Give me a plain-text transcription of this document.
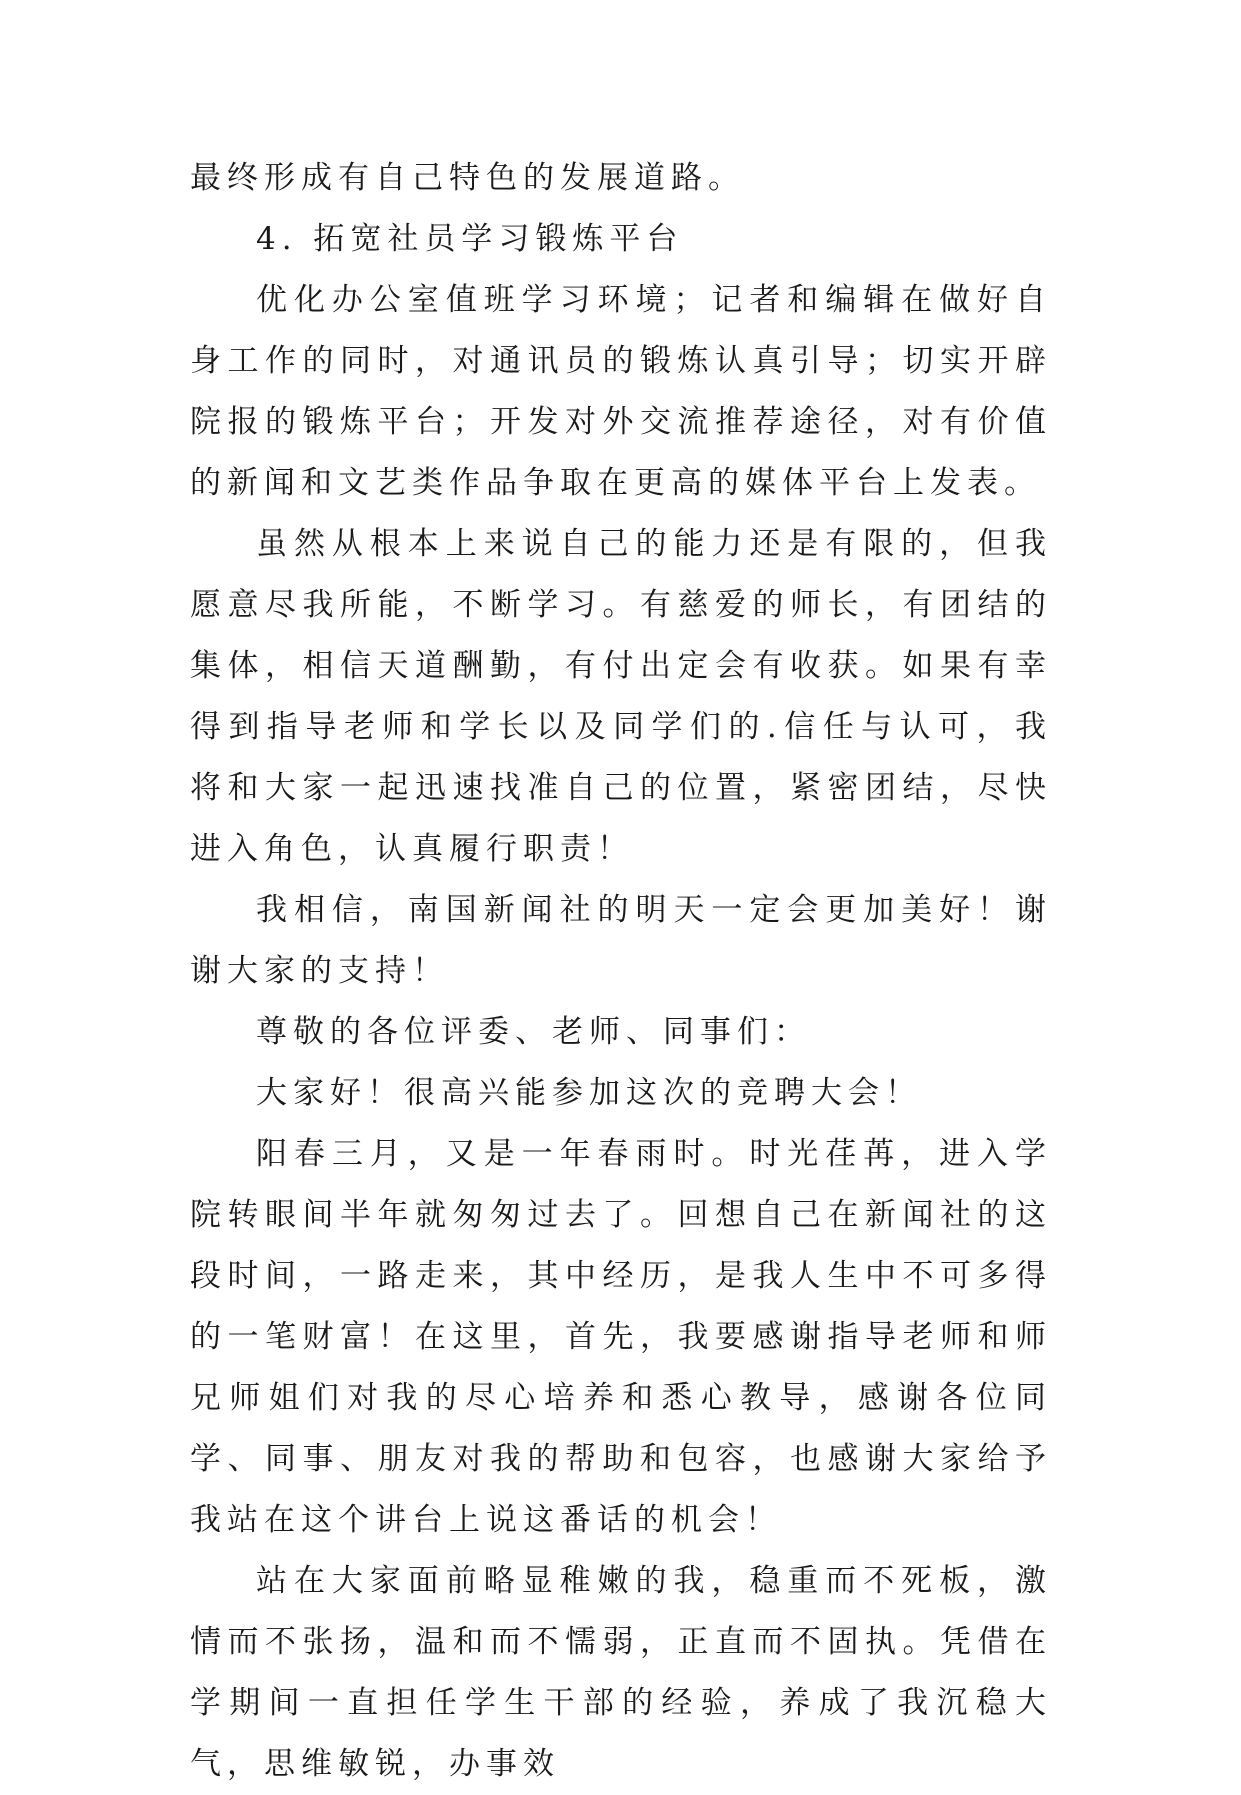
最终形成有自己特色的发展道路。

4. 拓宽社员学习锻炼平台

优化办公室值班学习环境；记者和编辑在做好自身工作的同时，对通讯员的锻炼认真引导；切实开辟院报的锻炼平台；开发对外交流推荐途径，对有价值的新闻和文艺类作品争取在更高的媒体平台上发表。

虽然从根本上来说自己的能力还是有限的，但我愿意尽我所能，不断学习。有慈爱的师长，有团结的集体，相信天道酬勤，有付出定会有收获。如果有幸得到指导老师和学长以及同学们的.信任与认可，我将和大家一起迅速找准自己的位置，紧密团结，尽快进入角色，认真履行职责！

我相信，南国新闻社的明天一定会更加美好！谢谢大家的支持！

尊敬的各位评委、老师、同事们：

大家好！很高兴能参加这次的竞聘大会！

阳春三月，又是一年春雨时。时光荏苒，进入学院转眼间半年就匆匆过去了。回想自己在新闻社的这段时间，一路走来，其中经历，是我人生中不可多得的一笔财富！在这里，首先，我要感谢指导老师和师兄师姐们对我的尽心培养和悉心教导，感谢各位同学、同事、朋友对我的帮助和包容，也感谢大家给予我站在这个讲台上说这番话的机会！

站在大家面前略显稚嫩的我，稳重而不死板，激情而不张扬，温和而不懦弱，正直而不固执。凭借在学期间一直担任学生干部的经验，养成了我沉稳大气，思维敏锐，办事效
